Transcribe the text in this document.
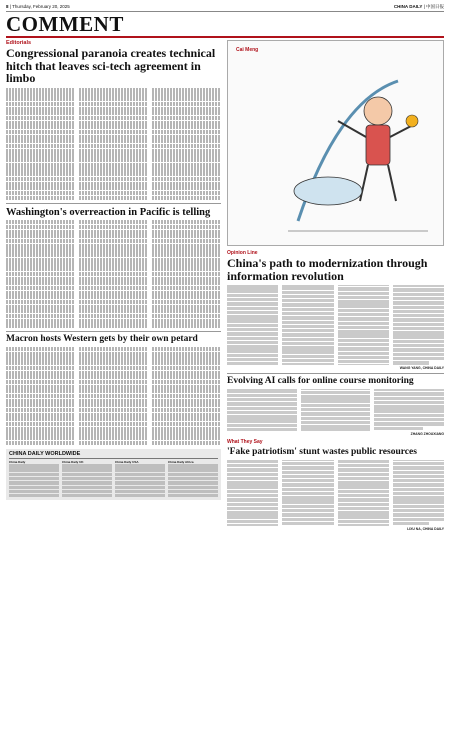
8 | Thursday, February 20, 2025	CHINA DAILY | 中国日报
COMMENT
Editorials
Congressional paranoia creates technical hitch that leaves sci-tech agreement in limbo
Washington's overreaction in Pacific is telling
Macron hosts Western gets by their own petard
CHINA DAILY WORLDWIDE
China Daily	China Daily UK	China Daily USA	China Daily Africa
Cai Meng
Opinion Line
China's path to modernization through information revolution
WANG YANG, CHINA DAILY
Evolving AI calls for online course monitoring
ZHANG ZHOUXIANG
What They Say
'Fake patriotism' stunt wastes public resources
LIXU NA, CHINA DAILY
